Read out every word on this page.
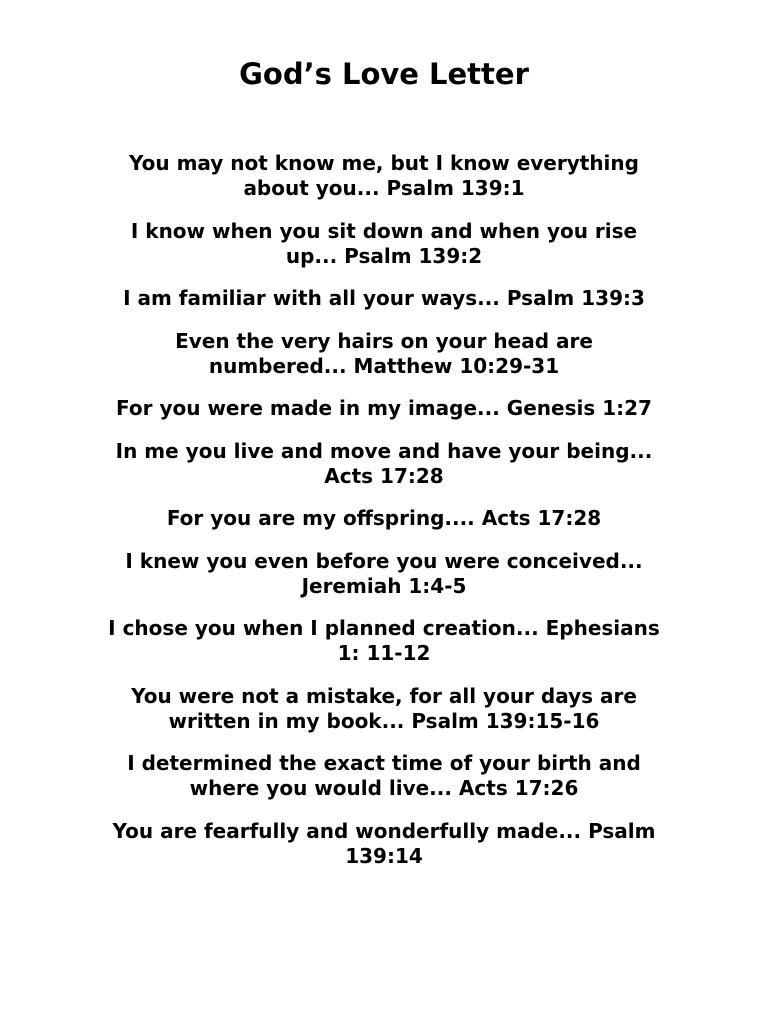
God’s Love Letter
You may not know me, but I know everything about you... Psalm 139:1
I know when you sit down and when you rise up... Psalm 139:2
I am familiar with all your ways... Psalm 139:3
Even the very hairs on your head are numbered... Matthew 10:29-31
For you were made in my image... Genesis 1:27
In me you live and move and have your being... Acts 17:28
For you are my offspring.... Acts 17:28
I knew you even before you were conceived... Jeremiah 1:4-5
I chose you when I planned creation... Ephesians 1: 11-12
You were not a mistake, for all your days are written in my book... Psalm 139:15-16
I determined the exact time of your birth and where you would live... Acts 17:26
You are fearfully and wonderfully made... Psalm 139:14
